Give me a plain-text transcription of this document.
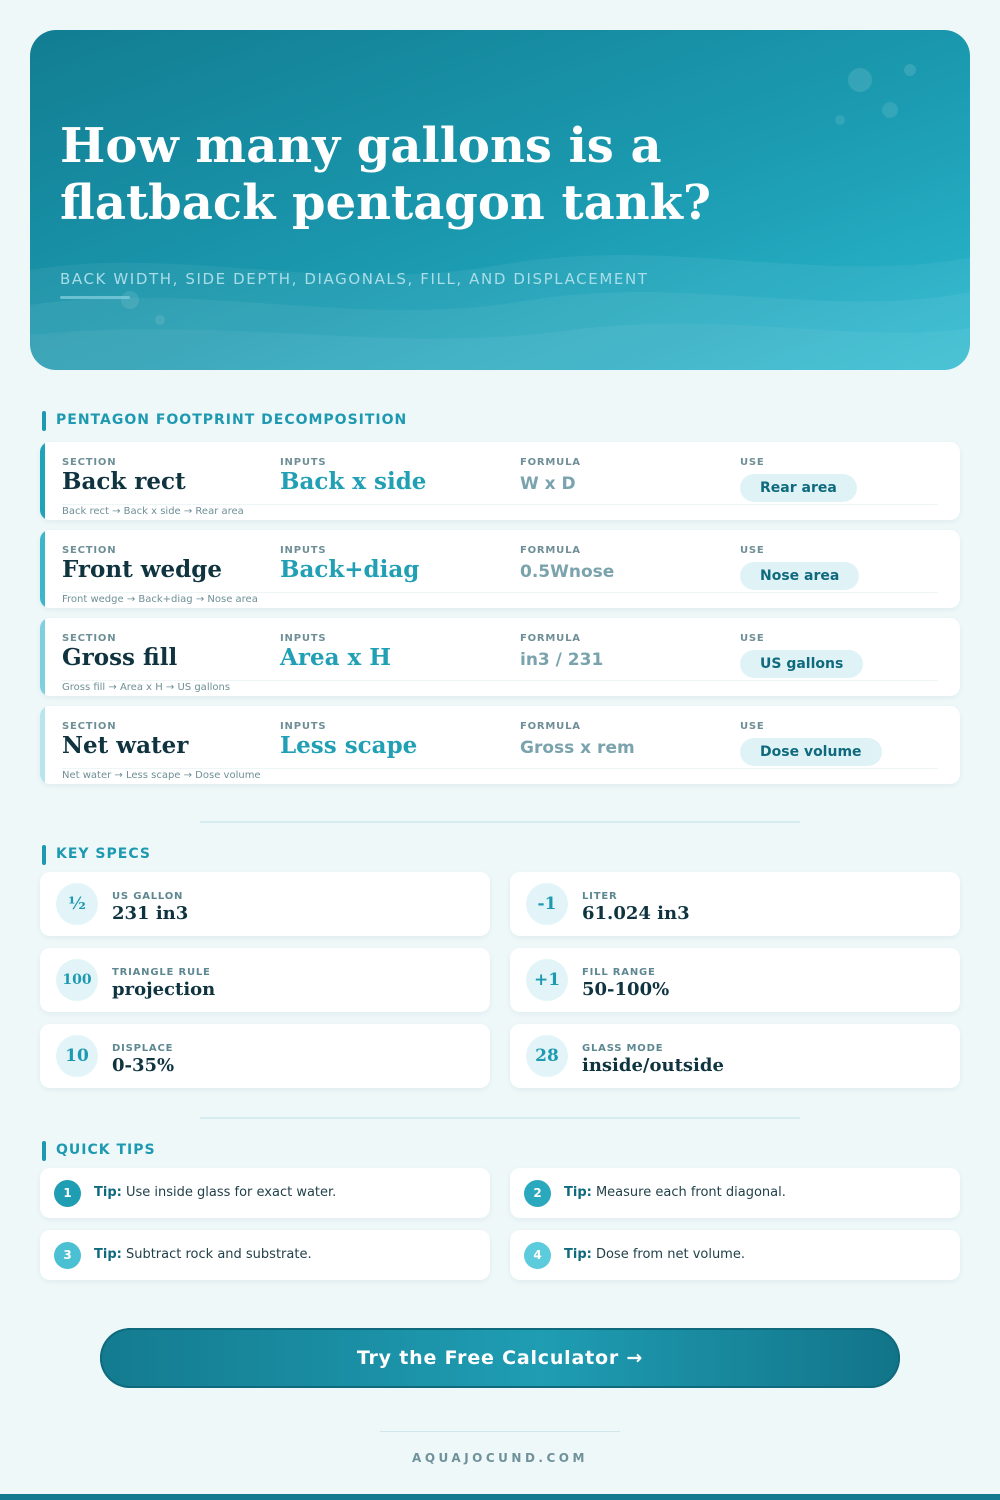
How many gallons is a flatback pentagon tank?
BACK WIDTH, SIDE DEPTH, DIAGONALS, FILL, AND DISPLACEMENT
PENTAGON FOOTPRINT DECOMPOSITION
SECTION	INPUTS	FORMULA	USE
Back rect	Back x side	W x D	Rear area
Back rect → Back x side → Rear area
SECTION	INPUTS	FORMULA	USE
Front wedge	Back+diag	0.5Wnose	Nose area
Front wedge → Back+diag → Nose area
SECTION	INPUTS	FORMULA	USE
Gross fill	Area x H	in3 / 231	US gallons
Gross fill → Area x H → US gallons
SECTION	INPUTS	FORMULA	USE
Net water	Less scape	Gross x rem	Dose volume
Net water → Less scape → Dose volume
KEY SPECS
½	US GALLON
231 in3	-1	LITER
61.024 in3
100	TRIANGLE RULE
projection	+1	FILL RANGE
50-100%
10	DISPLACE
0-35%	28	GLASS MODE
inside/outside
QUICK TIPS
1	Tip: Use inside glass for exact water.	2	Tip: Measure each front diagonal.
3	Tip: Subtract rock and substrate.	4	Tip: Dose from net volume.
Try the Free Calculator →
AQUAJOCUND.COM
